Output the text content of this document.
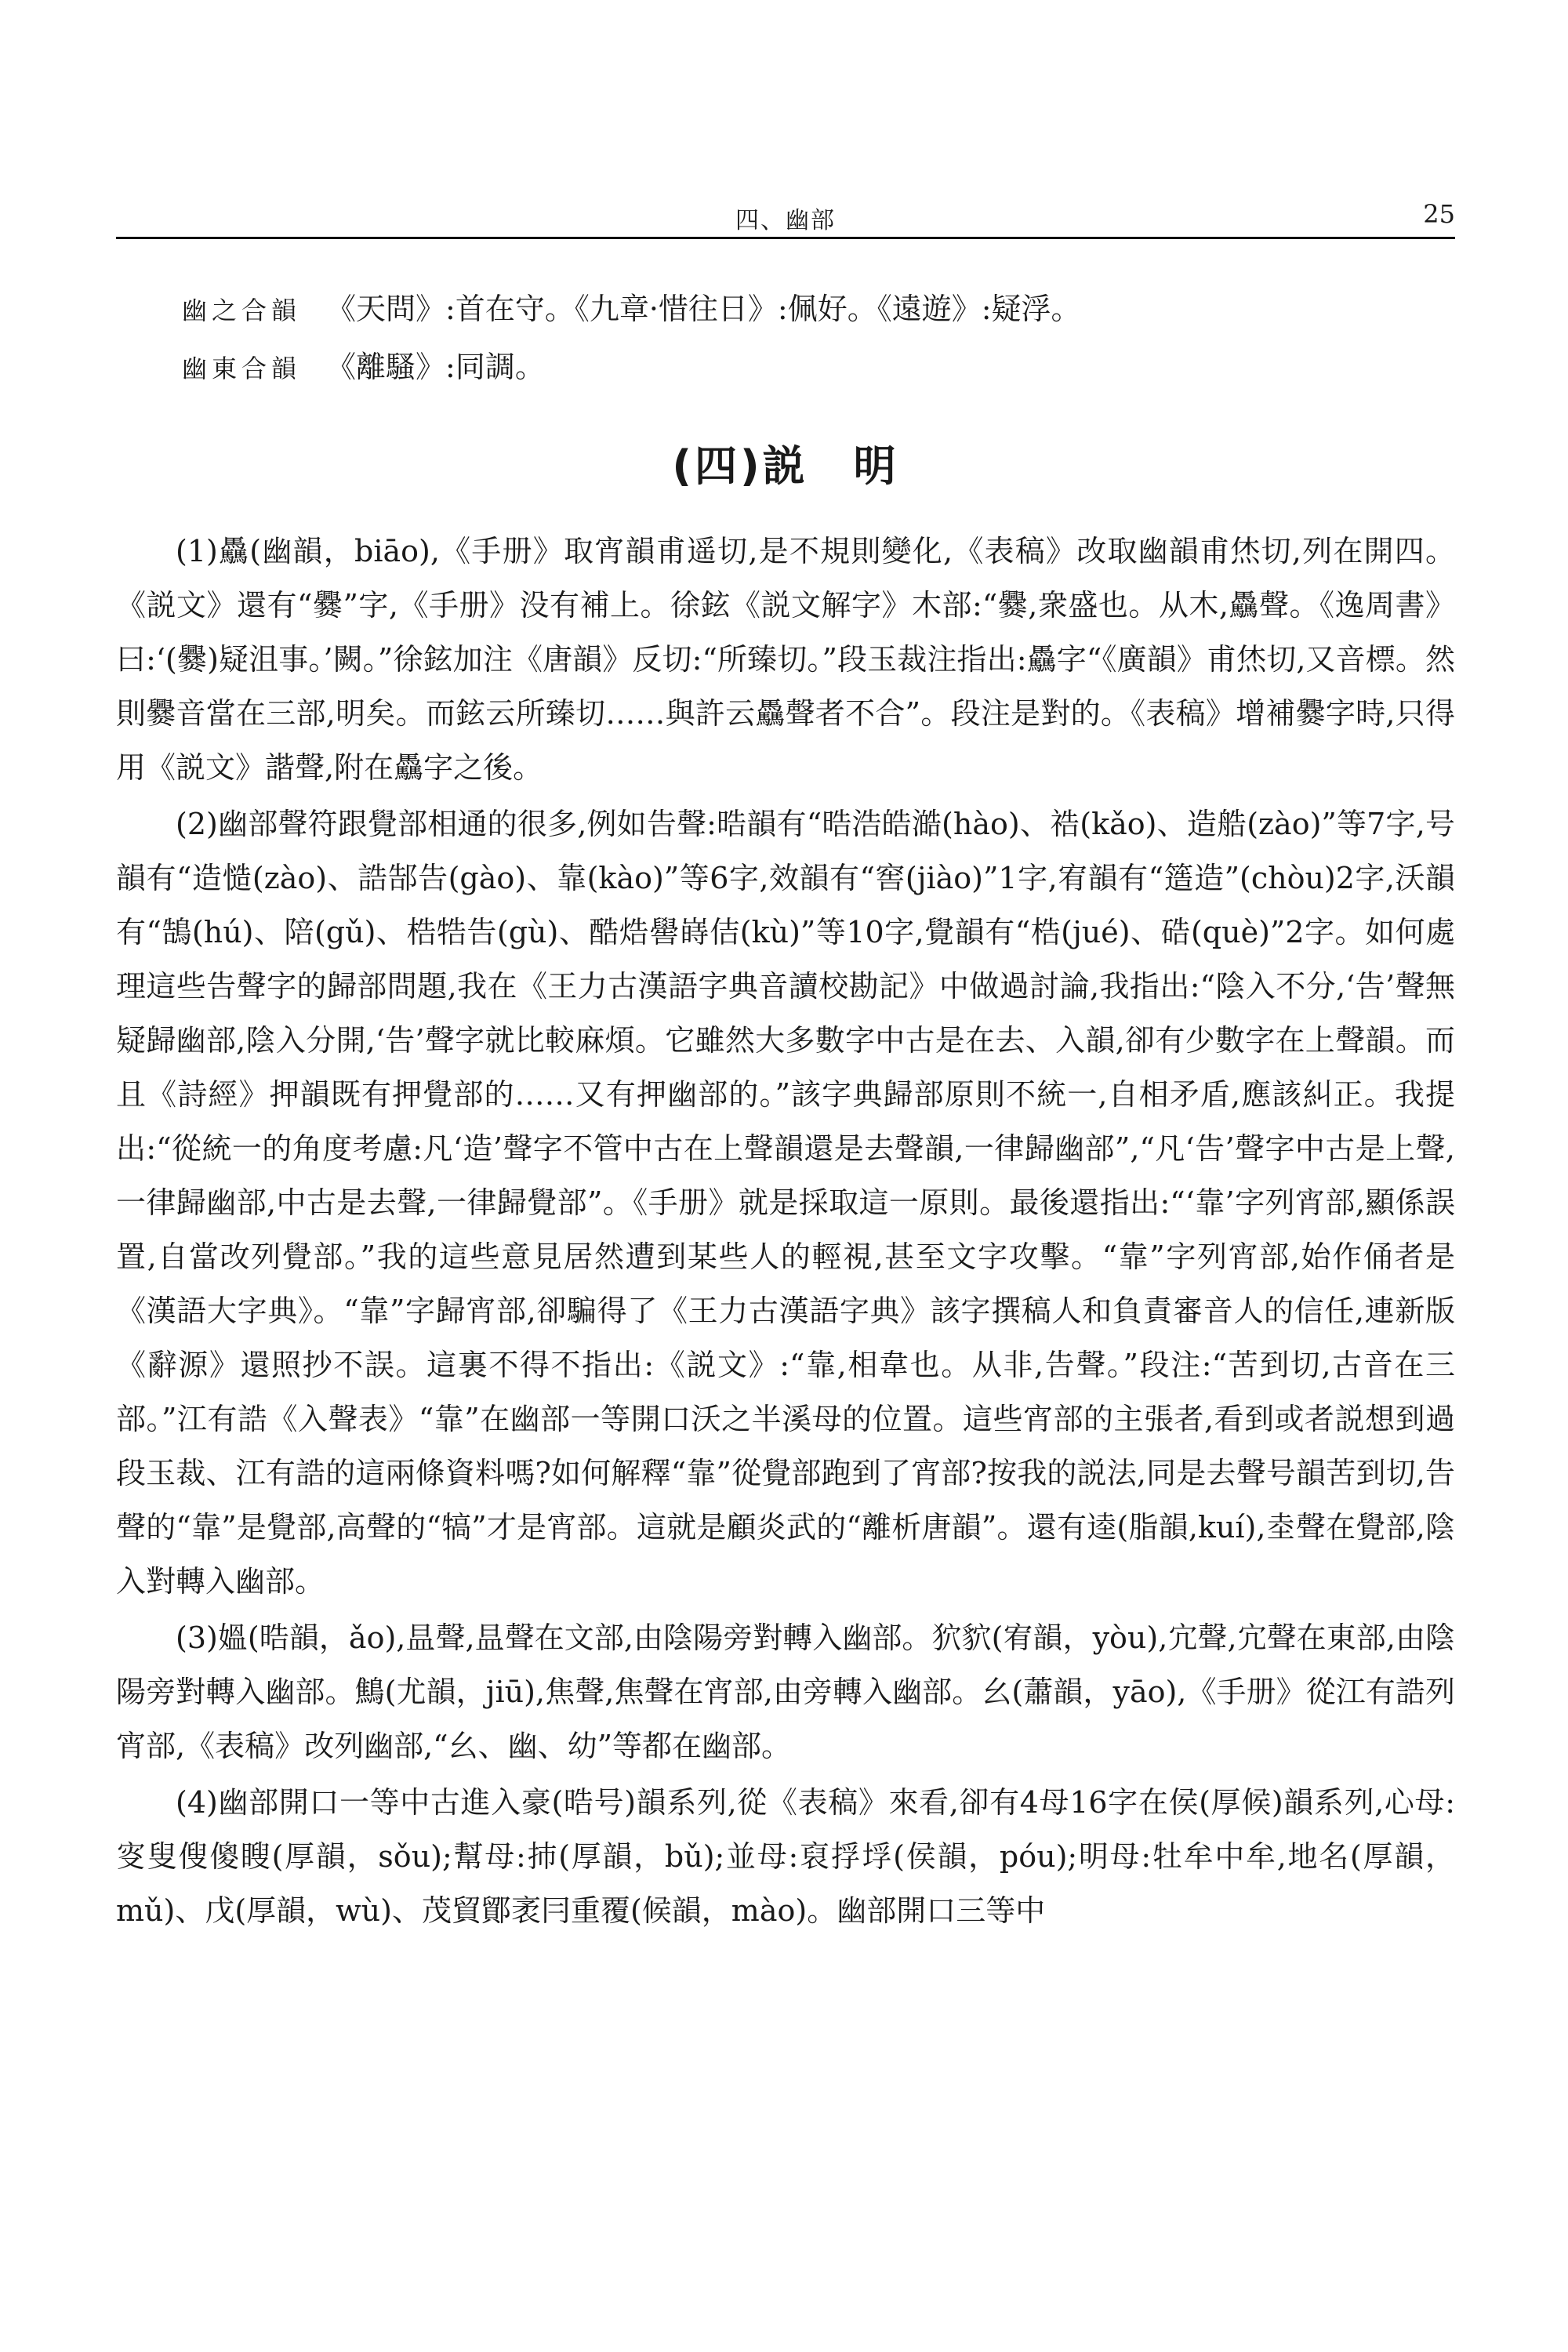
四、幽部	25
幽之合韻 《天問》:首在守。《九章·惜往日》:佩好。《遠遊》:疑浮。
幽東合韻 《離騷》:同調。
(四)説　明

(1)驫(幽韻，biāo),《手册》取宵韻甫遥切,是不規則變化,《表稿》改取幽韻甫烋切,列在開四。《説文》還有“爨”字,《手册》没有補上。徐鉉《説文解字》木部:“爨,衆盛也。从木,驫聲。《逸周書》曰:‘(爨)疑沮事。’闕。”徐鉉加注《唐韻》反切:“所臻切。”段玉裁注指出:驫字“《廣韻》甫烋切,又音標。然則爨音當在三部,明矣。而鉉云所臻切……與許云驫聲者不合”。段注是對的。《表稿》增補爨字時,只得用《説文》諧聲,附在驫字之後。

(2)幽部聲符跟覺部相通的很多,例如告聲:晧韻有“晧浩皓澔(hào)、祰(kǎo)、造艁(zào)”等7字,号韻有“造慥(zào)、誥郜告(gào)、靠(kào)”等6字,效韻有“窖(jiào)”1字,宥韻有“簉造”(chòu)2字,沃韻有“鵠(hú)、陪(gǔ)、梏牿告(gù)、酷焅嚳嵵佶(kù)”等10字,覺韻有“梏(jué)、硞(què)”2字。如何處理這些告聲字的歸部問題,我在《王力古漢語字典音讀校勘記》中做過討論,我指出:“陰入不分,‘告’聲無疑歸幽部,陰入分開,‘告’聲字就比較麻煩。它雖然大多數字中古是在去、入韻,卻有少數字在上聲韻。而且《詩經》押韻既有押覺部的……又有押幽部的。”該字典歸部原則不統一,自相矛盾,應該糾正。我提出:“從統一的角度考慮:凡‘造’聲字不管中古在上聲韻還是去聲韻,一律歸幽部”,“凡‘告’聲字中古是上聲,一律歸幽部,中古是去聲,一律歸覺部”。《手册》就是採取這一原則。最後還指出:“‘靠’字列宵部,顯係誤置,自當改列覺部。”我的這些意見居然遭到某些人的輕視,甚至文字攻擊。“靠”字列宵部,始作俑者是《漢語大字典》。“靠”字歸宵部,卻騙得了《王力古漢語字典》該字撰稿人和負責審音人的信任,連新版《辭源》還照抄不誤。這裏不得不指出:《説文》:“靠,相韋也。从非,告聲。”段注:“苦到切,古音在三部。”江有誥《入聲表》“靠”在幽部一等開口沃之半溪母的位置。這些宵部的主張者,看到或者説想到過段玉裁、江有誥的這兩條資料嗎?如何解釋“靠”從覺部跑到了宵部?按我的説法,同是去聲号韻苦到切,告聲的“靠”是覺部,高聲的“犒”才是宵部。這就是顧炎武的“離析唐韻”。還有逵(脂韻,kuí),坴聲在覺部,陰入對轉入幽部。

(3)媼(晧韻，ǎo),昷聲,昷聲在文部,由陰陽旁對轉入幽部。狖貁(宥韻，yòu),宂聲,宂聲在東部,由陰陽旁對轉入幽部。鷦(尤韻，jiū),焦聲,焦聲在宵部,由旁轉入幽部。幺(蕭韻，yāo),《手册》從江有誥列宵部,《表稿》改列幽部,“幺、幽、幼”等都在幽部。

(4)幽部開口一等中古進入豪(晧号)韻系列,從《表稿》來看,卻有4母16字在侯(厚候)韻系列,心母:叜叟傁傻瞍(厚韻，sǒu);幫母:㧊(厚韻，bǔ);並母:裒捊垺(侯韻，póu);明母:牡牟中牟,地名(厚韻，mǔ)、戊(厚韻，wù)、茂貿鄮袤冃重覆(候韻，mào)。幽部開口三等中
